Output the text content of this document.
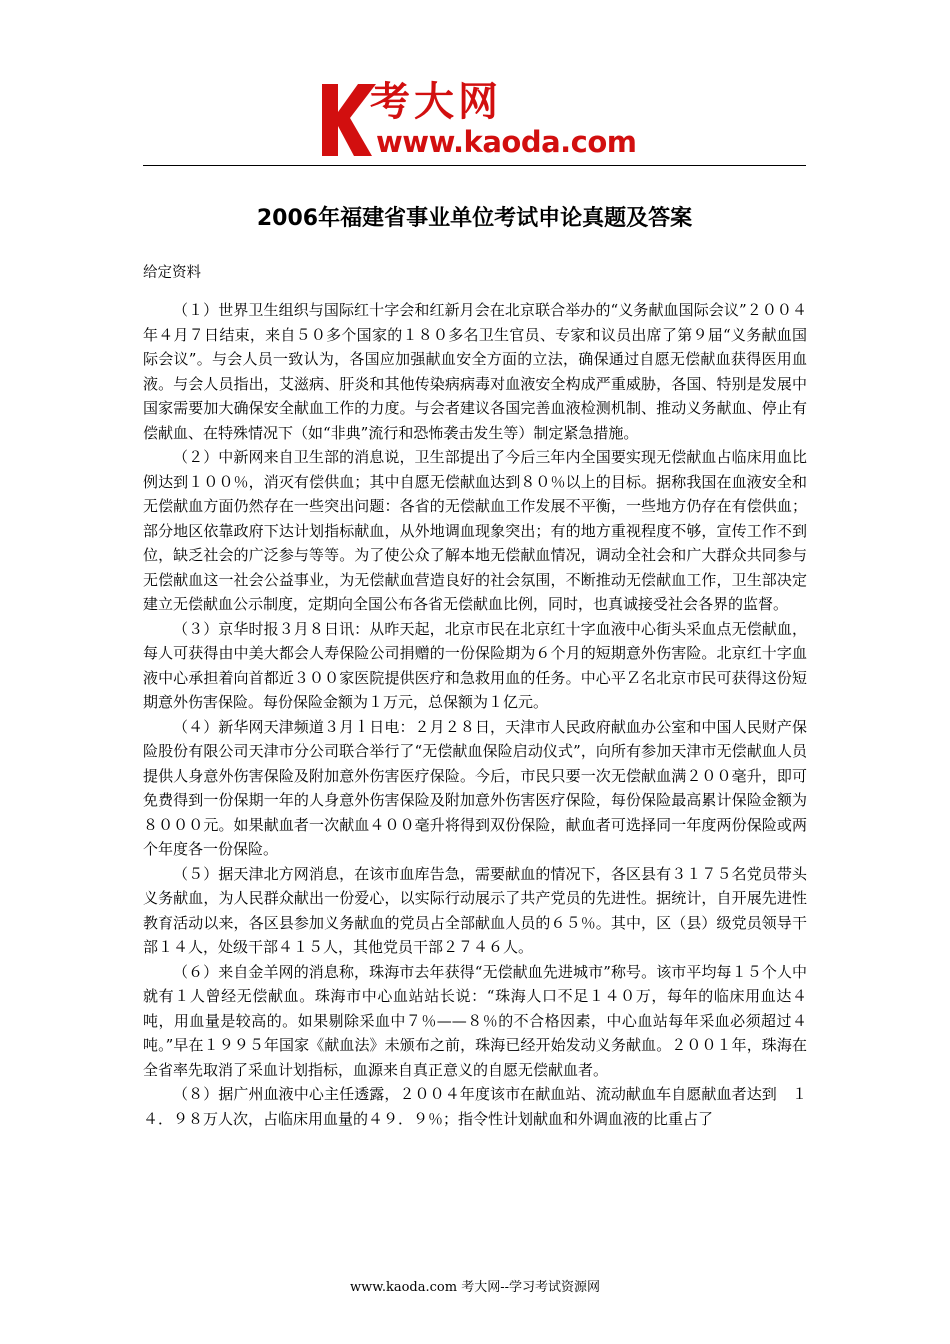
考大网
www.kaoda.com
2006年福建省事业单位考试申论真题及答案
给定资料

（１）世界卫生组织与国际红十字会和红新月会在北京联合举办的“义务献血国际会议”２００４年４月７日结束，来自５０多个国家的１８０多名卫生官员、专家和议员出席了第９届“义务献血国际会议”。与会人员一致认为，各国应加强献血安全方面的立法，确保通过自愿无偿献血获得医用血液。与会人员指出，艾滋病、肝炎和其他传染病病毒对血液安全构成严重威胁，各国、特别是发展中国家需要加大确保安全献血工作的力度。与会者建议各国完善血液检测机制、推动义务献血、停止有偿献血、在特殊情况下（如“非典”流行和恐怖袭击发生等）制定紧急措施。

（２）中新网来自卫生部的消息说，卫生部提出了今后三年内全国要实现无偿献血占临床用血比例达到１００％，消灭有偿供血；其中自愿无偿献血达到８０％以上的目标。据称我国在血液安全和无偿献血方面仍然存在一些突出问题：各省的无偿献血工作发展不平衡，一些地方仍存在有偿供血；部分地区依靠政府下达计划指标献血，从外地调血现象突出；有的地方重视程度不够，宣传工作不到位，缺乏社会的广泛参与等等。为了使公众了解本地无偿献血情况，调动全社会和广大群众共同参与无偿献血这一社会公益事业，为无偿献血营造良好的社会氛围，不断推动无偿献血工作，卫生部决定建立无偿献血公示制度，定期向全国公布各省无偿献血比例，同时，也真诚接受社会各界的监督。

（３）京华时报３月８日讯：从昨天起，北京市民在北京红十字血液中心街头采血点无偿献血，每人可获得由中美大都会人寿保险公司捐赠的一份保险期为６个月的短期意外伤害险。北京红十字血液中心承担着向首都近３００家医院提供医疗和急救用血的任务。中心平Ｚ名北京市民可获得这份短期意外伤害保险。每份保险金额为１万元，总保额为１亿元。

（４）新华网天津频道３月ｌ日电：２月２８日，天津市人民政府献血办公室和中国人民财产保险股份有限公司天津市分公司联合举行了“无偿献血保险启动仪式”，向所有参加天津市无偿献血人员提供人身意外伤害保险及附加意外伤害医疗保险。今后，市民只要一次无偿献血满２００毫升，即可免费得到一份保期一年的人身意外伤害保险及附加意外伤害医疗保险，每份保险最高累计保险金额为８０００元。如果献血者一次献血４００毫升将得到双份保险，献血者可选择同一年度两份保险或两个年度各一份保险。

（５）据天津北方网消息，在该市血库告急，需要献血的情况下，各区县有３１７５名党员带头义务献血，为人民群众献出一份爱心，以实际行动展示了共产党员的先进性。据统计，自开展先进性教育活动以来，各区县参加义务献血的党员占全部献血人员的６５％。其中，区（县）级党员领导干部１４人，处级干部４１５人，其他党员干部２７４６人。

（６）来自金羊网的消息称，珠海市去年获得“无偿献血先进城市”称号。该市平均每１５个人中就有１人曾经无偿献血。珠海市中心血站站长说：“珠海人口不足１４０万，每年的临床用血达４吨，用血量是较高的。如果剔除采血中７％——８％的不合格因素，中心血站每年采血必须超过４吨。”早在１９９５年国家《献血法》未颁布之前，珠海已经开始发动义务献血。２００１年，珠海在全省率先取消了采血计划指标，血源来自真正意义的自愿无偿献血者。

（８）据广州血液中心主任透露，２００４年度该市在献血站、流动献血车自愿献血者达到　１４．９８万人次，占临床用血量的４９．９％；指令性计划献血和外调血液的比重占了

www.kaoda.com 考大网--学习考试资源网
